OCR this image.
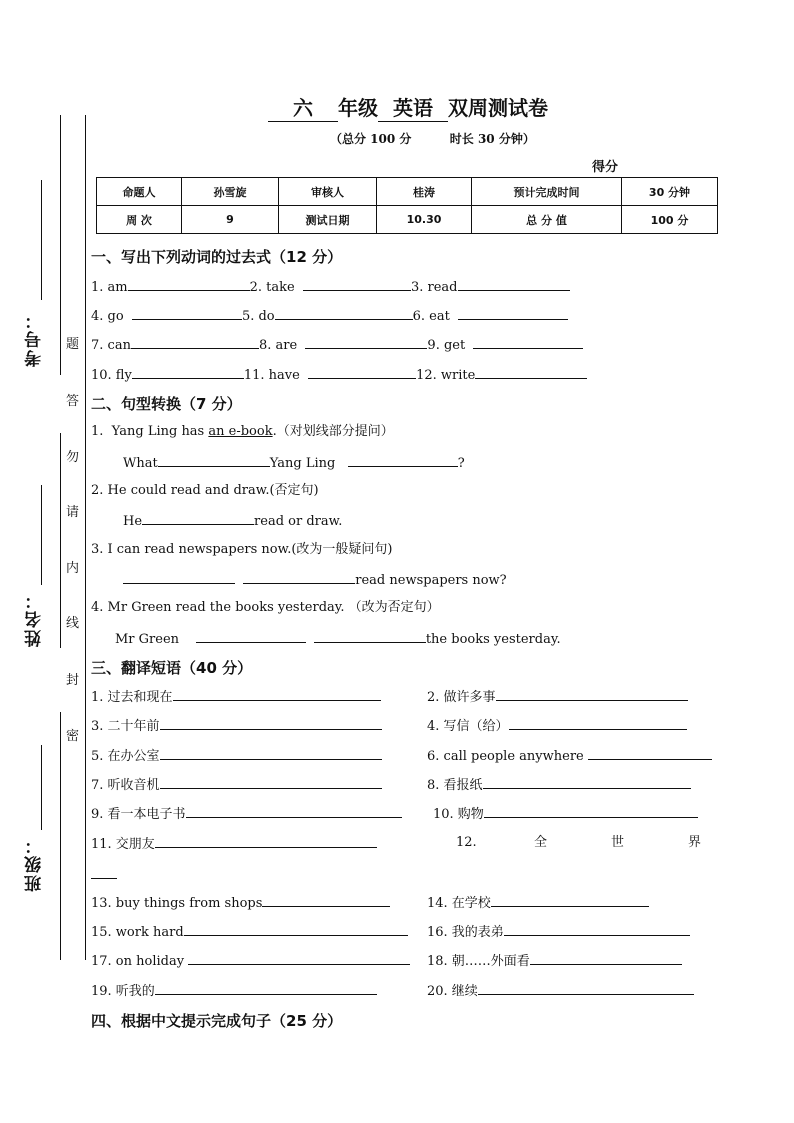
考号：
姓名：
班级：
题
答
勿
请
内
线
封
密
六 年级 英语 双周测试卷
（总分 100 分	时长 30 分钟）
得分
命题人	孙雪旋	审核人	桂涛	预计完成时间	30 分钟
周 次	9	测试日期	10.30	总 分 值	100 分
一、写出下列动词的过去式（12 分）
1. am	2. take	3. read
4. go	5. do	6. eat
7. can	8. are	9. get
10. fly	11. have	12. write
二、句型转换（7 分）
1. Yang Ling has an e-book.（对划线部分提问）
What	Yang Ling	?
2. He could read and draw.(否定句)
He	read or draw.
3. I can read newspapers now.(改为一般疑问句)
read newspapers now?
4. Mr Green read the books yesterday. （改为否定句）
Mr Green	the books yesterday.
三、翻译短语（40 分）
1. 过去和现在	2. 做许多事
3. 二十年前	4. 写信（给）
5. 在办公室	6. call people anywhere
7. 听收音机	8. 看报纸
9. 看一本电子书	10. 购物
11. 交朋友	12.	全	世	界
13. buy things from shops	14. 在学校
15. work hard	16. 我的表弟
17. on holiday	18. 朝……外面看
19. 听我的	20. 继续
四、根据中文提示完成句子（25 分）
